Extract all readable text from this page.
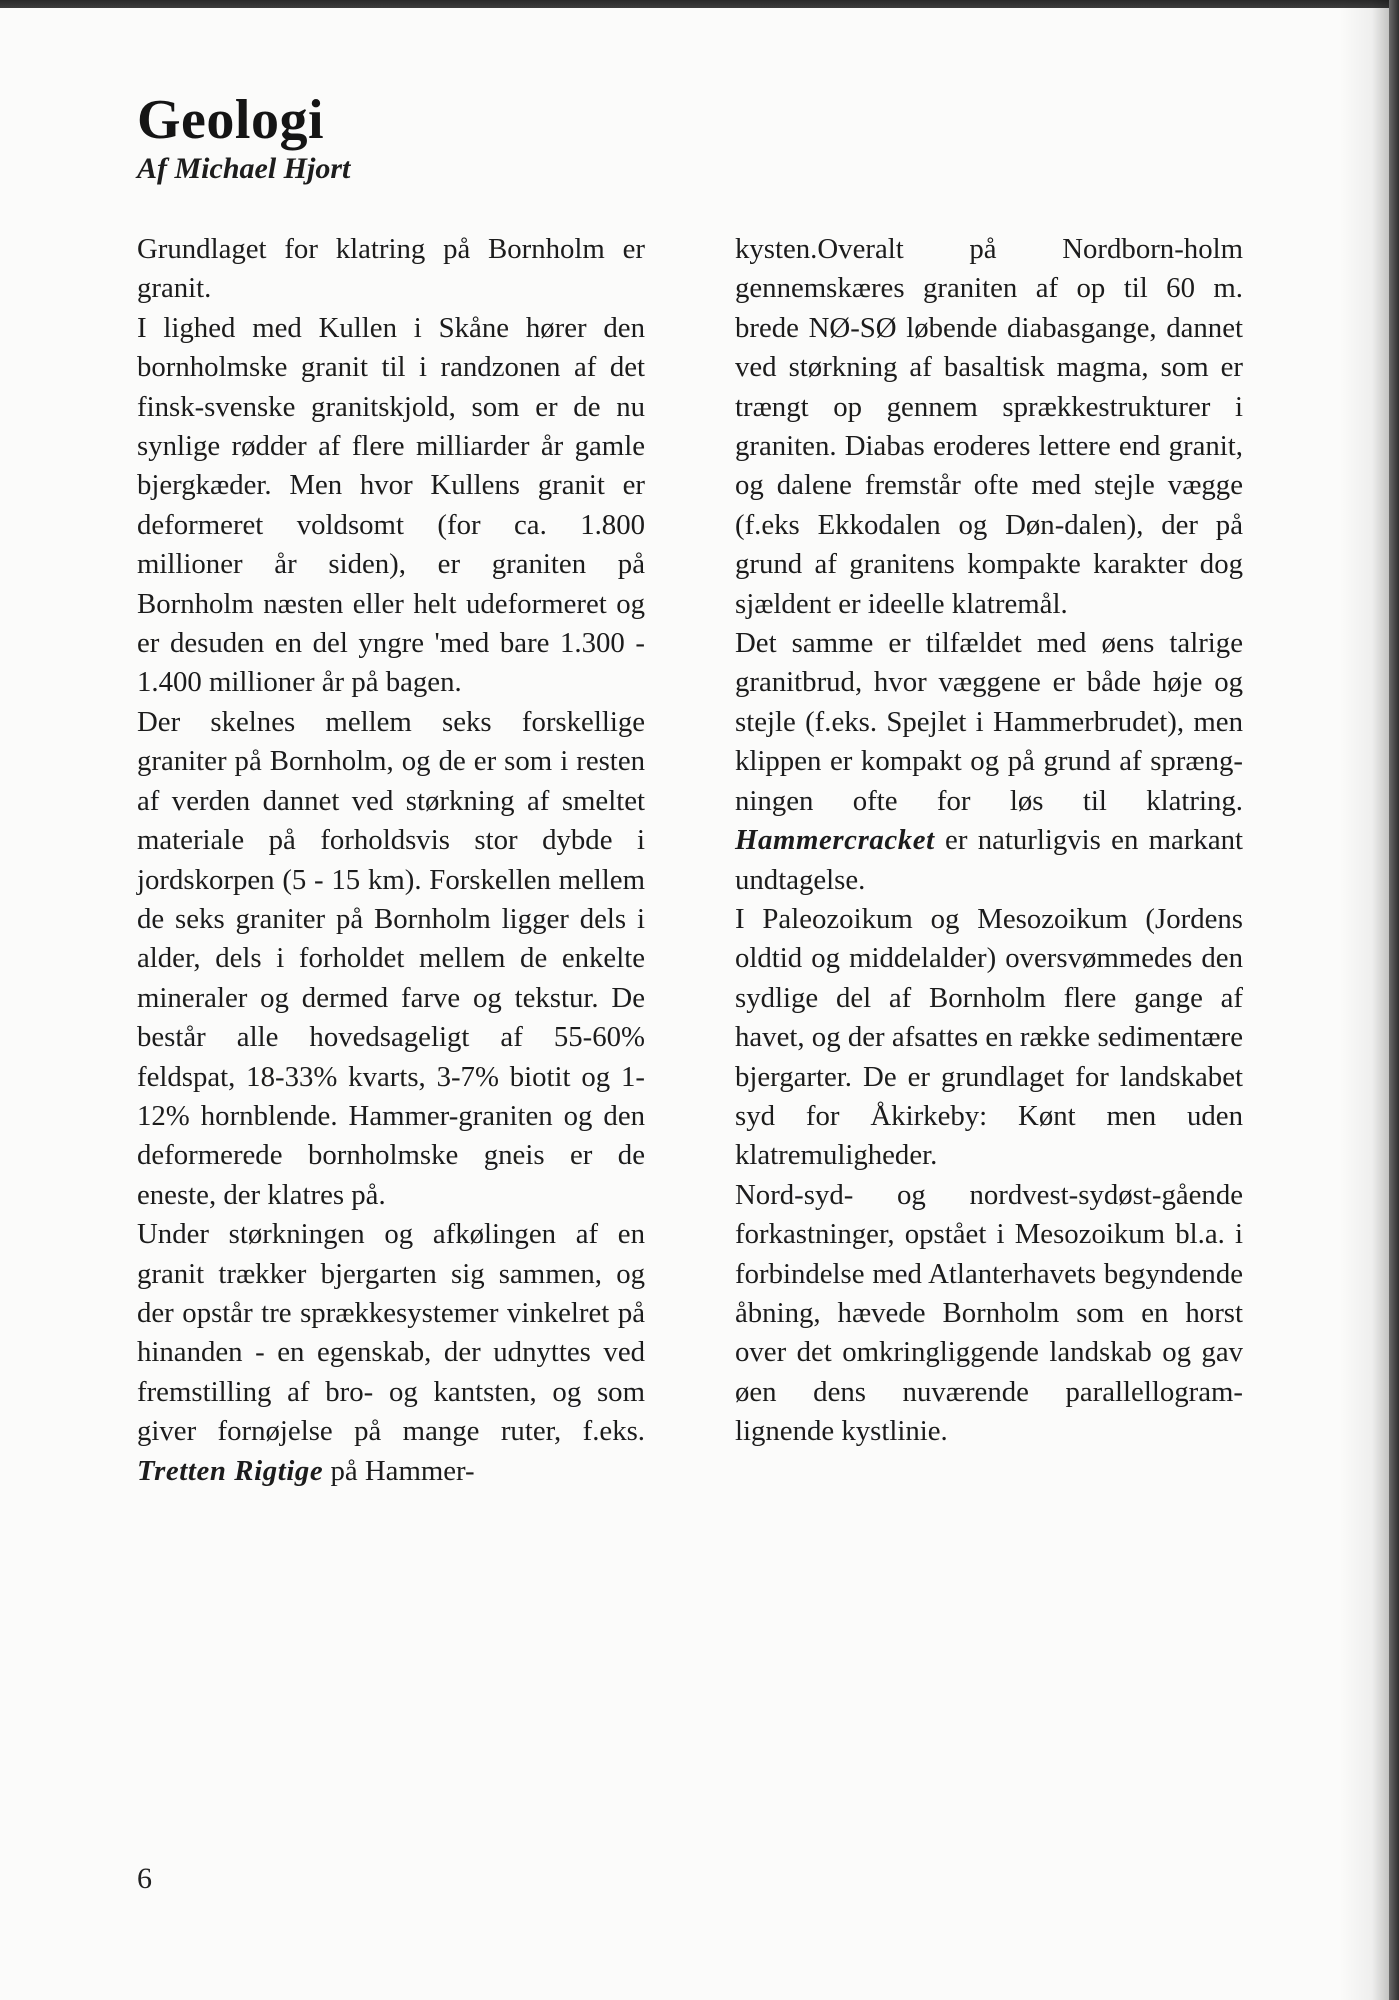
Geologi
Af Michael Hjort

Grundlaget for klatring på Bornholm er granit.

I lighed med Kullen i Skåne hører den bornholmske granit til i randzonen af det finsk-svenske granitskjold, som er de nu synlige rødder af flere milliarder år gamle bjergkæder. Men hvor Kullens granit er deformeret voldsomt (for ca. 1.800 millioner år siden), er graniten på Bornholm næsten eller helt udeformeret og er desuden en del yngre 'med bare 1.300 - 1.400 millioner år på bagen.

Der skelnes mellem seks forskellige graniter på Bornholm, og de er som i resten af verden dannet ved størkning af smeltet materiale på forholdsvis stor dybde i jordskorpen (5 - 15 km). Forskellen mellem de seks graniter på Bornholm ligger dels i alder, dels i forholdet mellem de enkelte mineraler og dermed farve og tekstur. De består alle hovedsageligt af 55-60% feldspat, 18-33% kvarts, 3-7% biotit og 1-12% hornblende. Hammer-graniten og den deformerede bornholmske gneis er de eneste, der klatres på.

Under størkningen og afkølingen af en granit trækker bjergarten sig sammen, og der opstår tre sprækkesystemer vinkelret på hinanden - en egenskab, der udnyttes ved fremstilling af bro- og kantsten, og som giver fornøjelse på mange ruter, f.eks. Tretten Rigtige på Hammer-

kysten.Overalt på Nordborn-holm gennemskæres graniten af op til 60 m. brede NØ-SØ løbende diabasgange, dannet ved størkning af basaltisk magma, som er trængt op gennem sprækkestrukturer i graniten. Diabas eroderes lettere end granit, og dalene fremstår ofte med stejle vægge (f.eks Ekkodalen og Døn-dalen), der på grund af granitens kompakte karakter dog sjældent er ideelle klatremål.

Det samme er tilfældet med øens talrige granitbrud, hvor væggene er både høje og stejle (f.eks. Spejlet i Hammerbrudet), men klippen er kompakt og på grund af sprængningen ofte for løs til klatring. Hammercracket er naturligvis en markant undtagelse.

I Paleozoikum og Mesozoikum (Jordens oldtid og middelalder) oversvømmedes den sydlige del af Bornholm flere gange af havet, og der afsattes en række sedimentære bjergarter. De er grundlaget for landskabet syd for Åkirkeby: Kønt men uden klatremuligheder.

Nord-syd- og nordvest-sydøst-gående forkastninger, opstået i Mesozoikum bl.a. i forbindelse med Atlanterhavets begyndende åbning, hævede Bornholm som en horst over det omkringliggende landskab og gav øen dens nuværende parallellogramlignende kystlinie.

6
